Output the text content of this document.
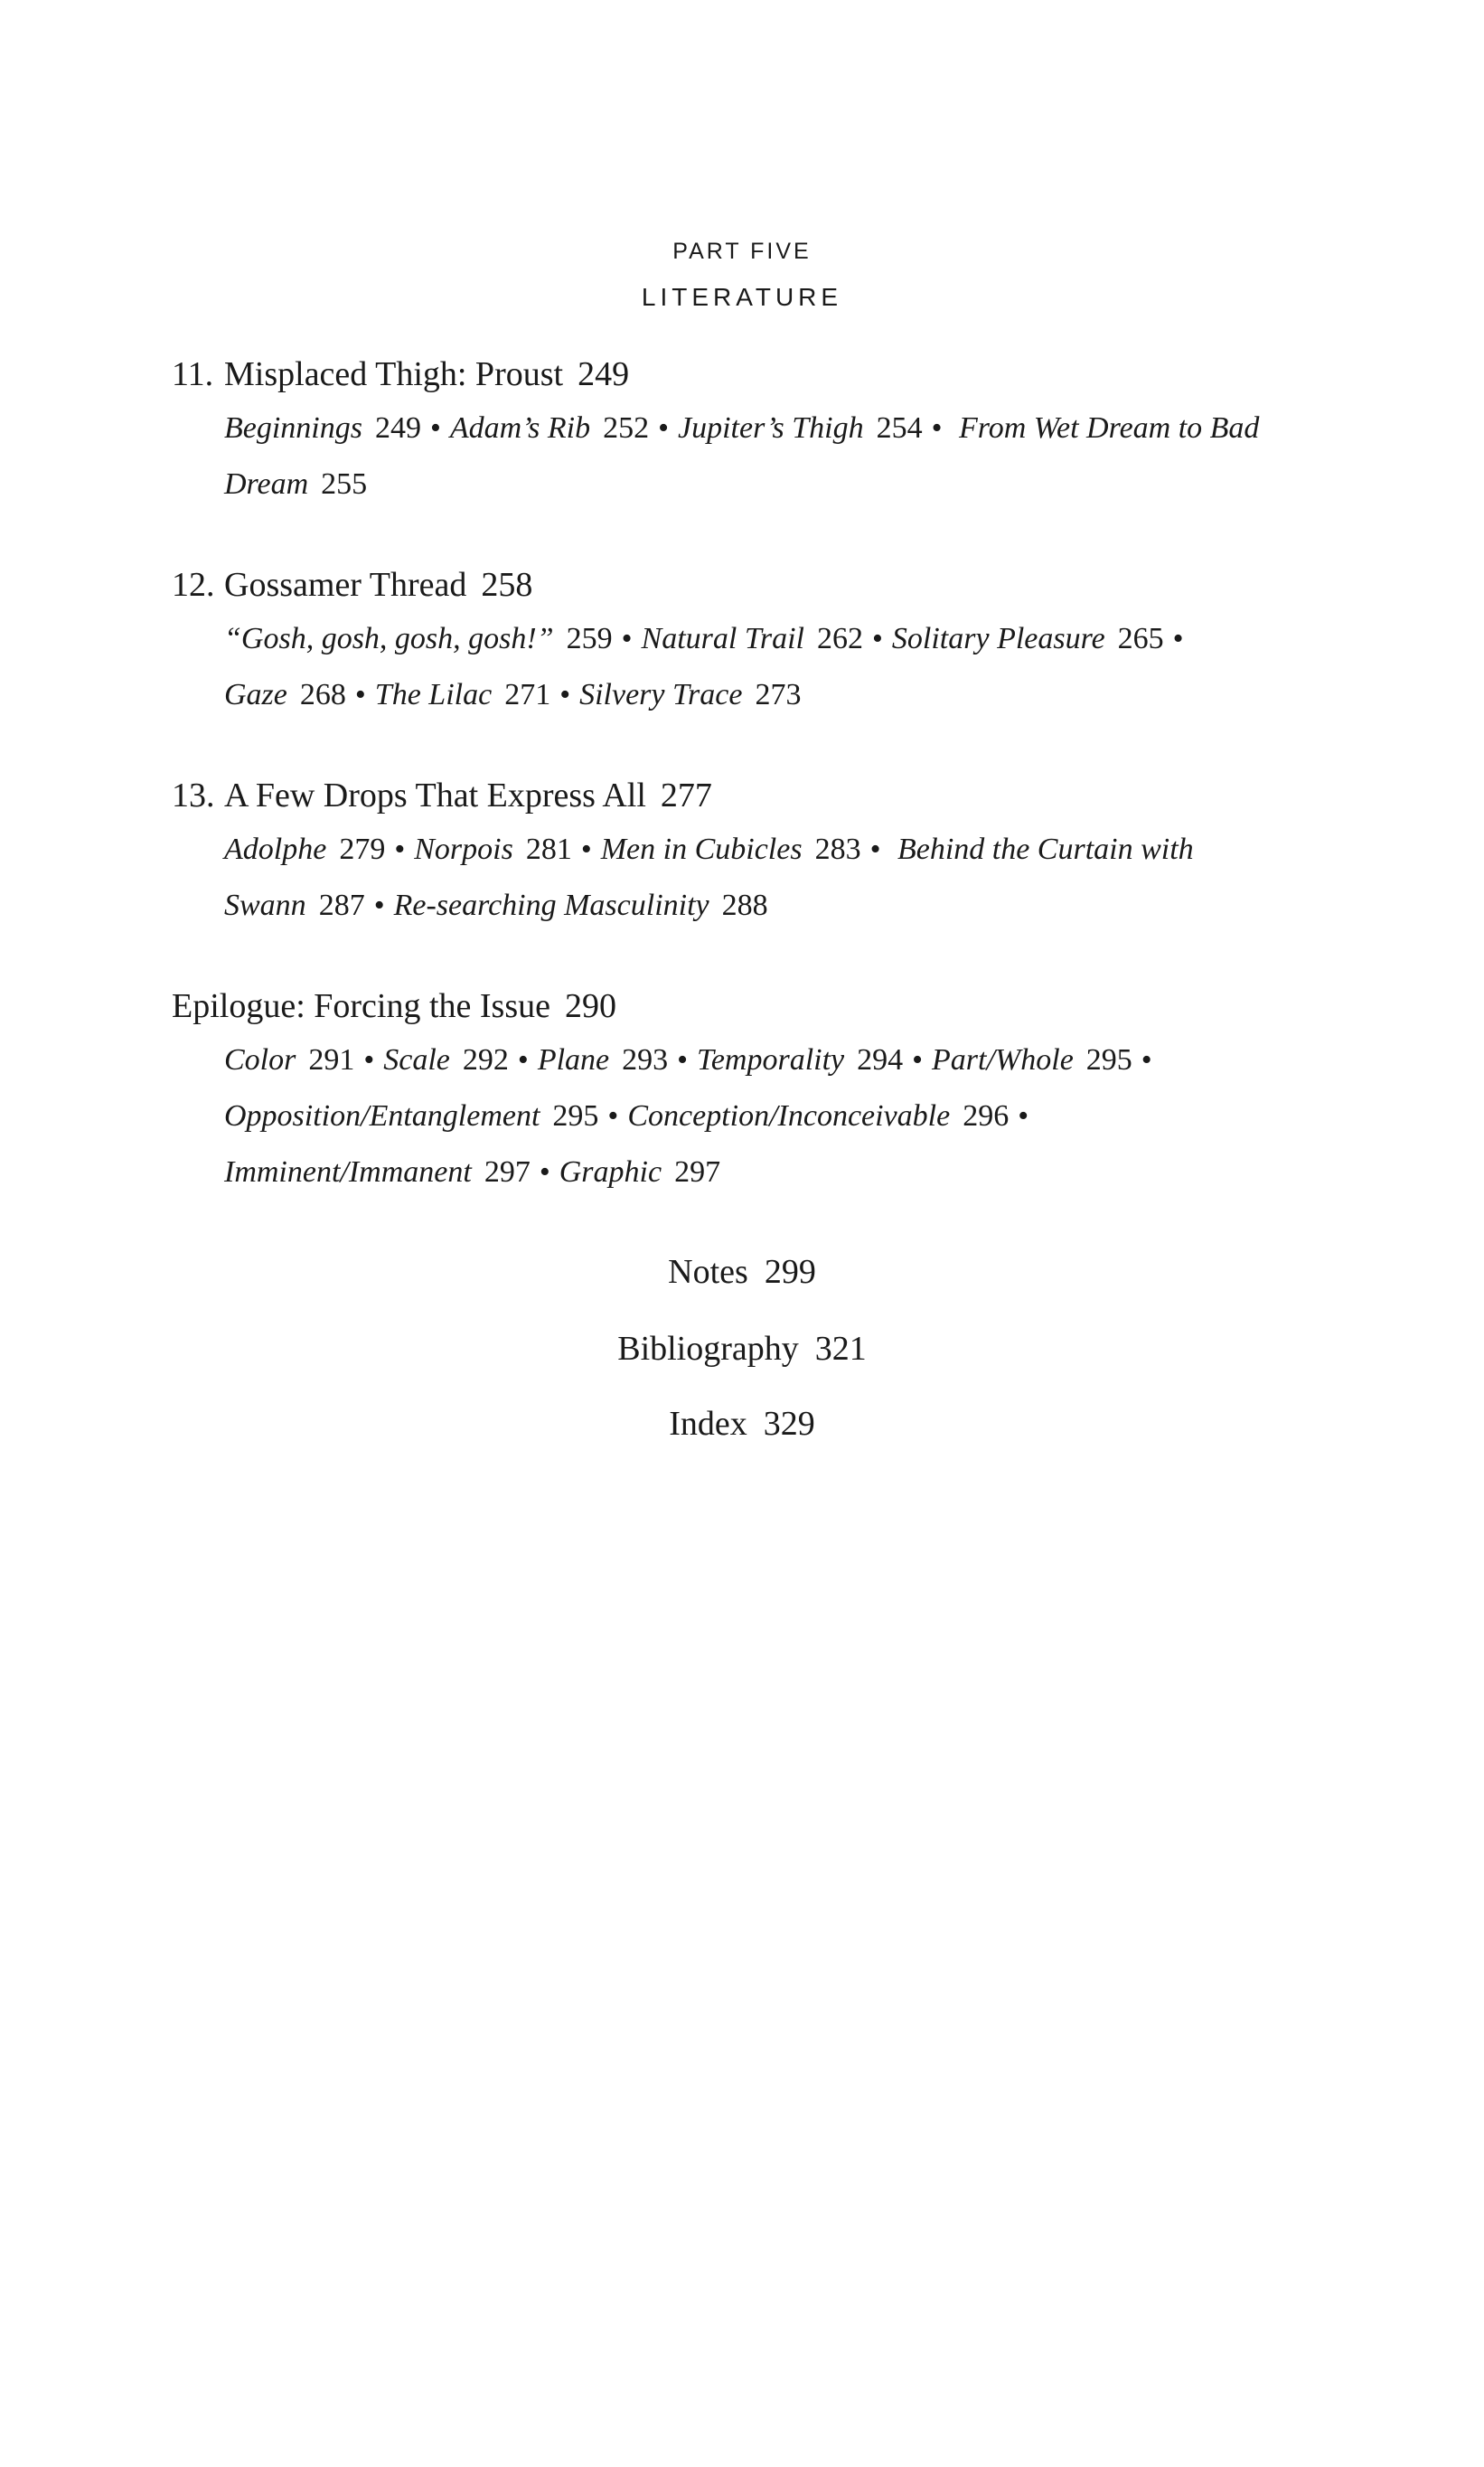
PART FIVE
LITERATURE
11. Misplaced Thigh: Proust 249
Beginnings 249 • Adam’s Rib 252 • Jupiter’s Thigh 254 • From Wet Dream to Bad Dream 255
12. Gossamer Thread 258
“Gosh, gosh, gosh, gosh!” 259 • Natural Trail 262 • Solitary Pleasure 265 • Gaze 268 • The Lilac 271 • Silvery Trace 273
13. A Few Drops That Express All 277
Adolphe 279 • Norpois 281 • Men in Cubicles 283 • Behind the Curtain with Swann 287 • Re-searching Masculinity 288
Epilogue: Forcing the Issue 290
Color 291 • Scale 292 • Plane 293 • Temporality 294 • Part/Whole 295 • Opposition/Entanglement 295 • Conception/Inconceivable 296 • Imminent/Immanent 297 • Graphic 297
Notes 299
Bibliography 321
Index 329
